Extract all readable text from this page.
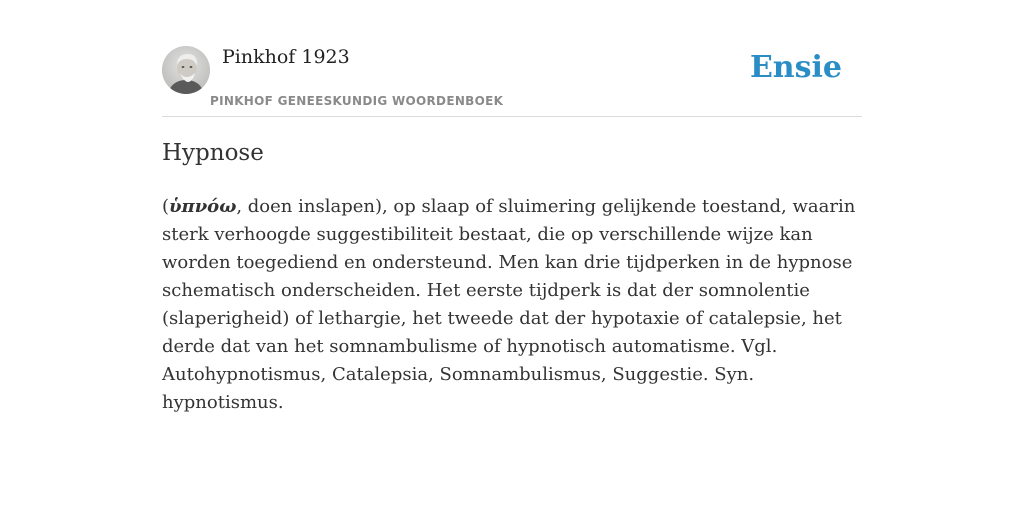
Pinkhof 1923
PINKHOF GENEESKUNDIG WOORDENBOEK
Ensie
Hypnose

(ὑπνόω, doen inslapen), op slaap of sluimering gelijkende toestand, waarin sterk verhoogde suggestibiliteit bestaat, die op verschillende wijze kan worden toegediend en ondersteund. Men kan drie tijdperken in de hypnose schematisch onderscheiden. Het eerste tijdperk is dat der somnolentie (slaperigheid) of lethargie, het tweede dat der hypotaxie of catalepsie, het derde dat van het somnambulisme of hypnotisch automatisme. Vgl. Autohypnotismus, Catalepsia, Somnambulismus, Suggestie. Syn. hypnotismus.
